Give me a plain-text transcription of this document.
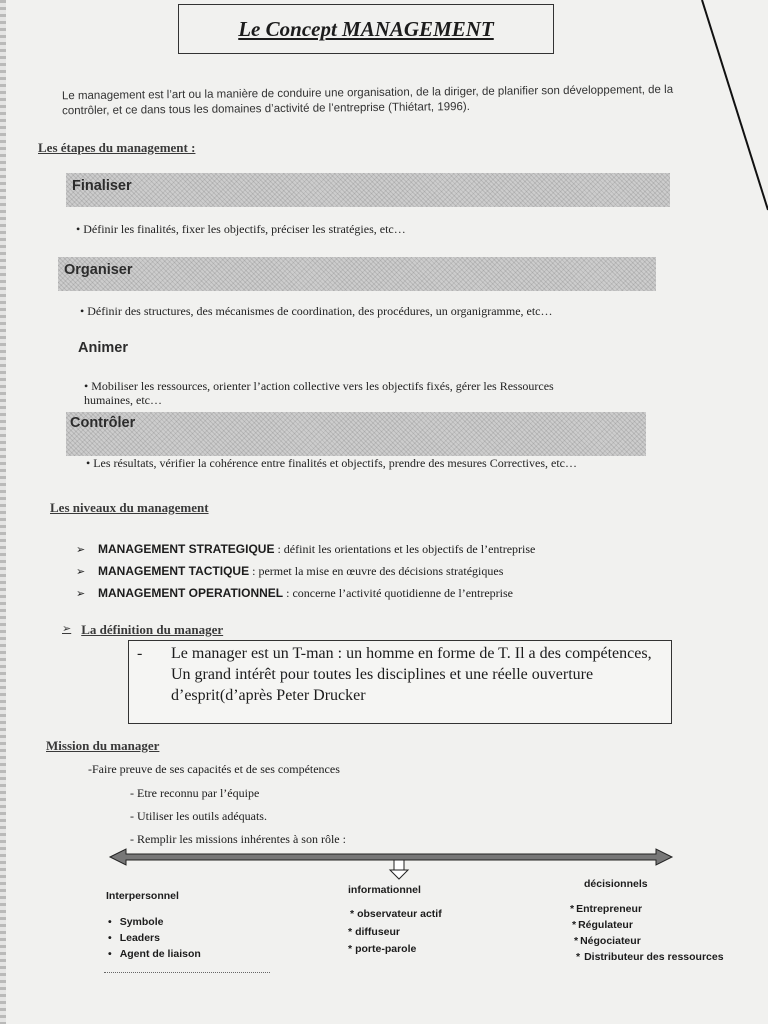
Le Concept MANAGEMENT
Le management est l’art ou la manière de conduire une organisation, de la diriger, de planifier son développement, de la contrôler, et ce dans tous les domaines d’activité de l’entreprise (Thiétart, 1996).
Les étapes du management :
Finaliser
• Définir les finalités, fixer les objectifs, préciser les stratégies, etc…
Organiser
• Définir des structures, des mécanismes de coordination, des procédures, un organigramme, etc…
Animer
• Mobiliser les ressources, orienter l’action collective vers les objectifs fixés, gérer les Ressources humaines, etc…
Contrôler
• Les résultats, vérifier la cohérence entre finalités et objectifs, prendre des mesures Correctives, etc…
Les niveaux du management
➢	MANAGEMENT STRATEGIQUE : définit les orientations et les objectifs de l’entreprise
➢	MANAGEMENT TACTIQUE : permet la mise en œuvre des décisions stratégiques
➢	MANAGEMENT OPERATIONNEL : concerne l’activité quotidienne de l’entreprise
➢ La définition du manager
- Le manager est un T-man : un homme en forme de T. Il a des compétences, Un grand intérêt pour toutes les disciplines et une réelle ouverture d’esprit(d’après Peter Drucker
Mission du manager
-Faire preuve de ses capacités et de ses compétences
- Etre reconnu par l’équipe
- Utiliser les outils adéquats.
- Remplir les missions inhérentes à son rôle :
Interpersonnel
• Symbole
• Leaders
• Agent de liaison
informationnel
* observateur actif
* diffuseur
* porte-parole
décisionnels
* Entrepreneur
* Régulateur
* Négociateur
* Distributeur des ressources
